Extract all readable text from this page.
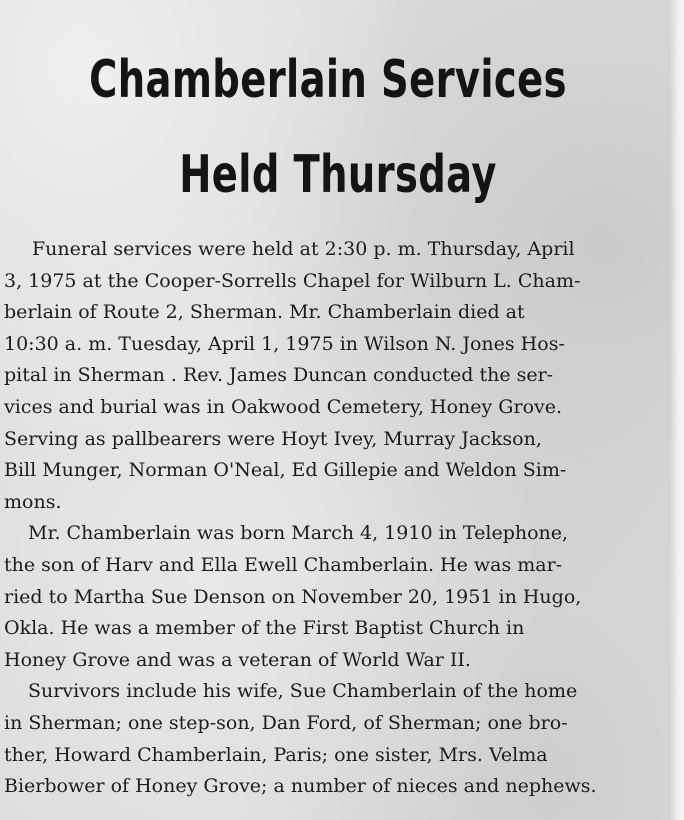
Chamberlain Services
Held Thursday
Funeral services were held at 2:30 p. m. Thursday, April
3, 1975 at the Cooper-Sorrells Chapel for Wilburn L. Cham-
berlain of Route 2, Sherman. Mr. Chamberlain died at
10:30 a. m. Tuesday, April 1, 1975 in Wilson N. Jones Hos-
pital in Sherman . Rev. James Duncan conducted the ser-
vices and burial was in Oakwood Cemetery, Honey Grove.
Serving as pallbearers were Hoyt Ivey, Murray Jackson,
Bill Munger, Norman O'Neal, Ed Gillepie and Weldon Sim-
mons.
Mr. Chamberlain was born March 4, 1910 in Telephone,
the son of Harv and Ella Ewell Chamberlain. He was mar-
ried to Martha Sue Denson on November 20, 1951 in Hugo,
Okla. He was a member of the First Baptist Church in
Honey Grove and was a veteran of World War II.
Survivors include his wife, Sue Chamberlain of the home
in Sherman; one step-son, Dan Ford, of Sherman; one bro-
ther, Howard Chamberlain, Paris; one sister, Mrs. Velma
Bierbower of Honey Grove; a number of nieces and nephews.
